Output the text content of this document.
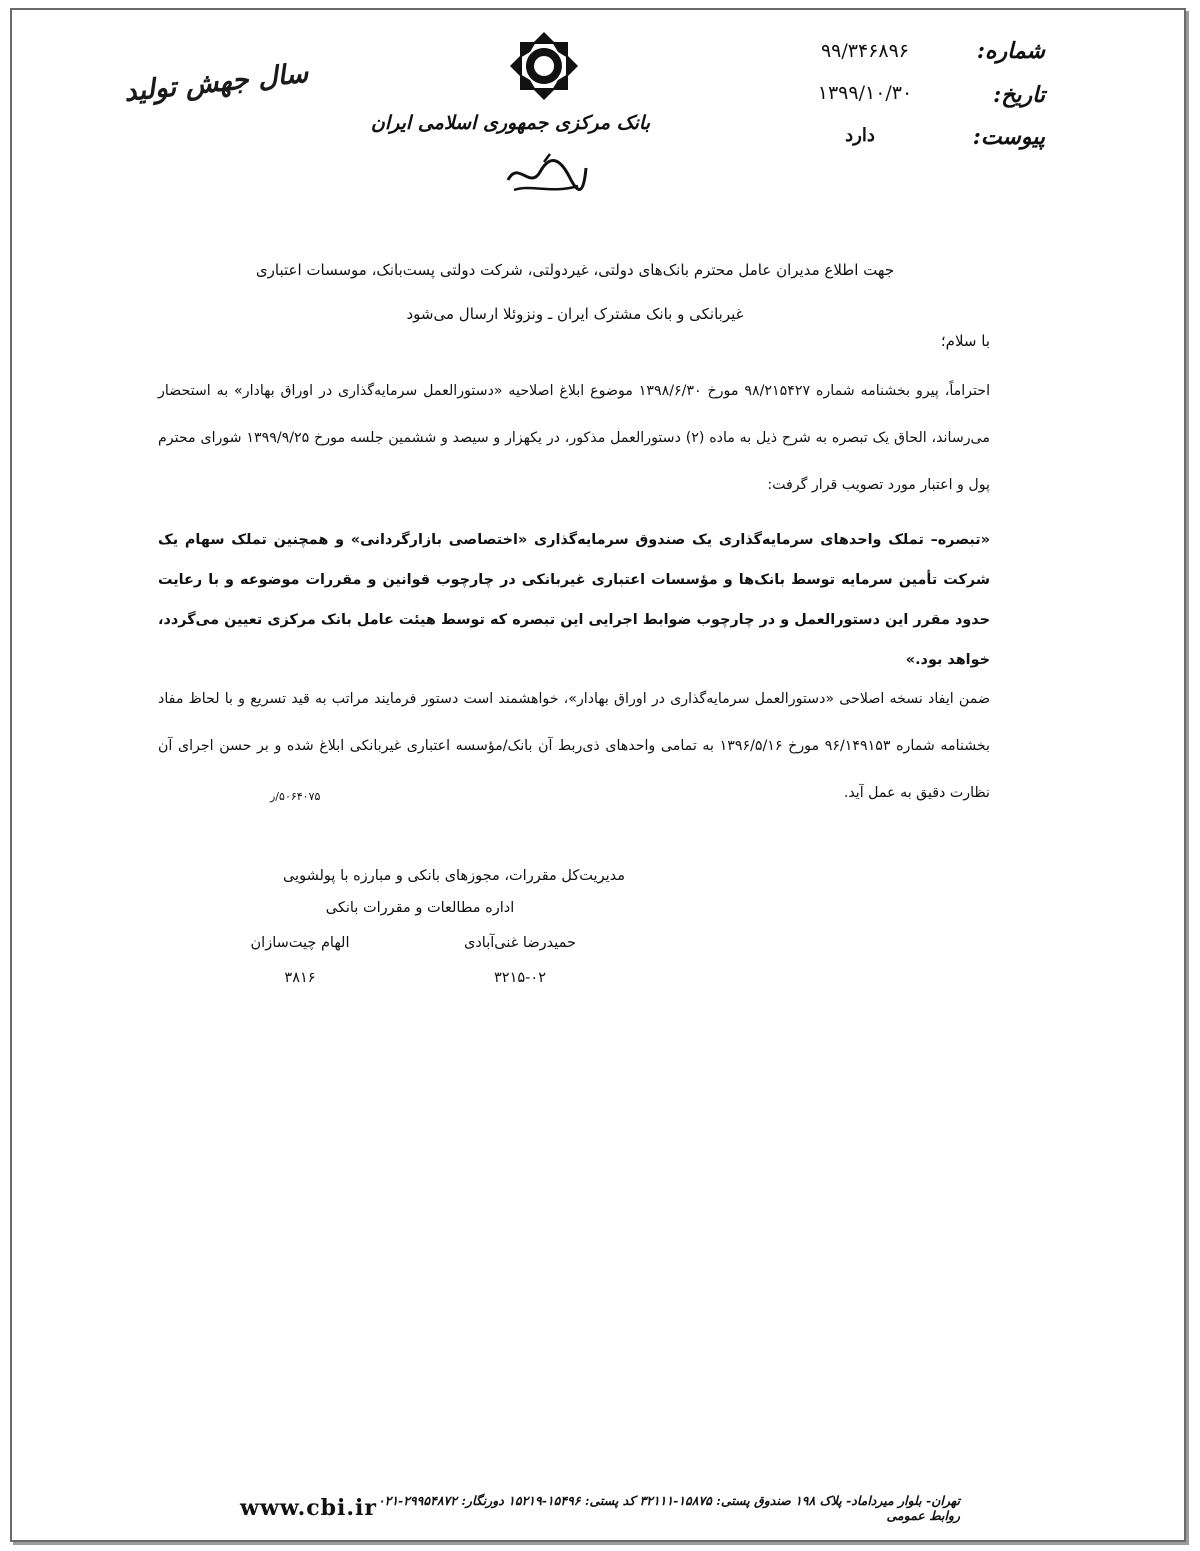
سال جهش تولید
بانک مرکزی جمهوری اسلامی ایران
شماره:
۹۹/۳۴۶۸۹۶
تاریخ:
۱۳۹۹/۱۰/۳۰
پیوست:
دارد
جهت اطلاع مدیران عامل محترم بانک‌های دولتی، غیردولتی، شرکت دولتی پست‌بانک، موسسات اعتباری
غیربانکی و بانک مشترک ایران ـ ونزوئلا ارسال می‌شود
با سلام؛
احتراماً، پیرو بخشنامه شماره ۹۸/۲۱۵۴۲۷ مورخ ۱۳۹۸/۶/۳۰ موضوع ابلاغ اصلاحیه «دستورالعمل سرمایه‌گذاری در اوراق بهادار» به استحضار می‌رساند، الحاق یک تبصره به شرح ذیل به ماده (۲) دستورالعمل مذکور، در یکهزار و سیصد و ششمین جلسه مورخ ۱۳۹۹/۹/۲۵ شورای محترم پول و اعتبار مورد تصویب قرار گرفت:
«تبصره– تملک واحدهای سرمایه‌گذاری یک صندوق سرمایه‌گذاری «اختصاصی بازارگردانی» و همچنین تملک سهام یک شرکت تأمین سرمایه توسط بانک‌ها و مؤسسات اعتباری غیربانکی در چارچوب قوانین و مقررات موضوعه و با رعایت حدود مقرر این دستورالعمل و در چارچوب ضوابط اجرایی این تبصره که توسط هیئت عامل بانک مرکزی تعیین می‌گردد، خواهد بود.»
ضمن ایفاد نسخه اصلاحی «دستورالعمل سرمایه‌گذاری در اوراق بهادار»، خواهشمند است دستور فرمایند مراتب به قید تسریع و با لحاظ مفاد بخشنامه شماره ۹۶/۱۴۹۱۵۳ مورخ ۱۳۹۶/۵/۱۶ به تمامی واحدهای ذی‌ربط آن بانک/مؤسسه اعتباری غیربانکی ابلاغ شده و بر حسن اجرای آن نظارت دقیق به عمل آید.
۵۰۶۴۰۷۵/ر
مدیریت‌کل مقررات، مجوزهای بانکی و مبارزه با پولشویی
اداره مطالعات و مقررات بانکی
حمیدرضا غنی‌آبادی
الهام چیت‌سازان
۳۲۱۵-۰۲
۳۸۱۶
www.cbi.ir تهران- بلوار میرداماد- پلاک ۱۹۸ صندوق پستی: ۱۵۸۷۵-۳۲۱۱۱ کد پستی: ۱۵۴۹۶-۱۵۲۱۹ دورنگار: ۲۹۹۵۴۸۷۲-۰۲۱ روابط عمومی
